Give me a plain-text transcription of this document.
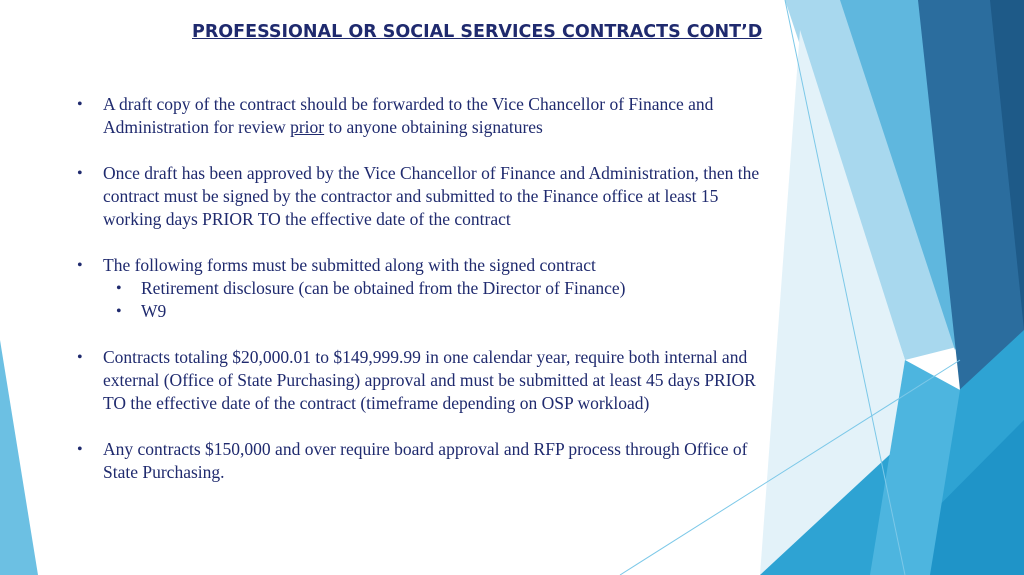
PROFESSIONAL OR SOCIAL SERVICES CONTRACTS CONT’D
• A draft copy of the contract should be forwarded to the Vice Chancellor of Finance and Administration for review prior to anyone obtaining signatures
• Once draft has been approved by the Vice Chancellor of Finance and Administration, then the contract must be signed by the contractor and submitted to the Finance office at least 15 working days PRIOR TO the effective date of the contract
• The following forms must be submitted along with the signed contract
• Retirement disclosure (can be obtained from the Director of Finance)
• W9
• Contracts totaling $20,000.01 to $149,999.99 in one calendar year, require both internal and external (Office of State Purchasing) approval and must be submitted at least 45 days PRIOR TO the effective date of the contract (timeframe depending on OSP workload)
• Any contracts $150,000 and over require board approval and RFP process through Office of State Purchasing.
